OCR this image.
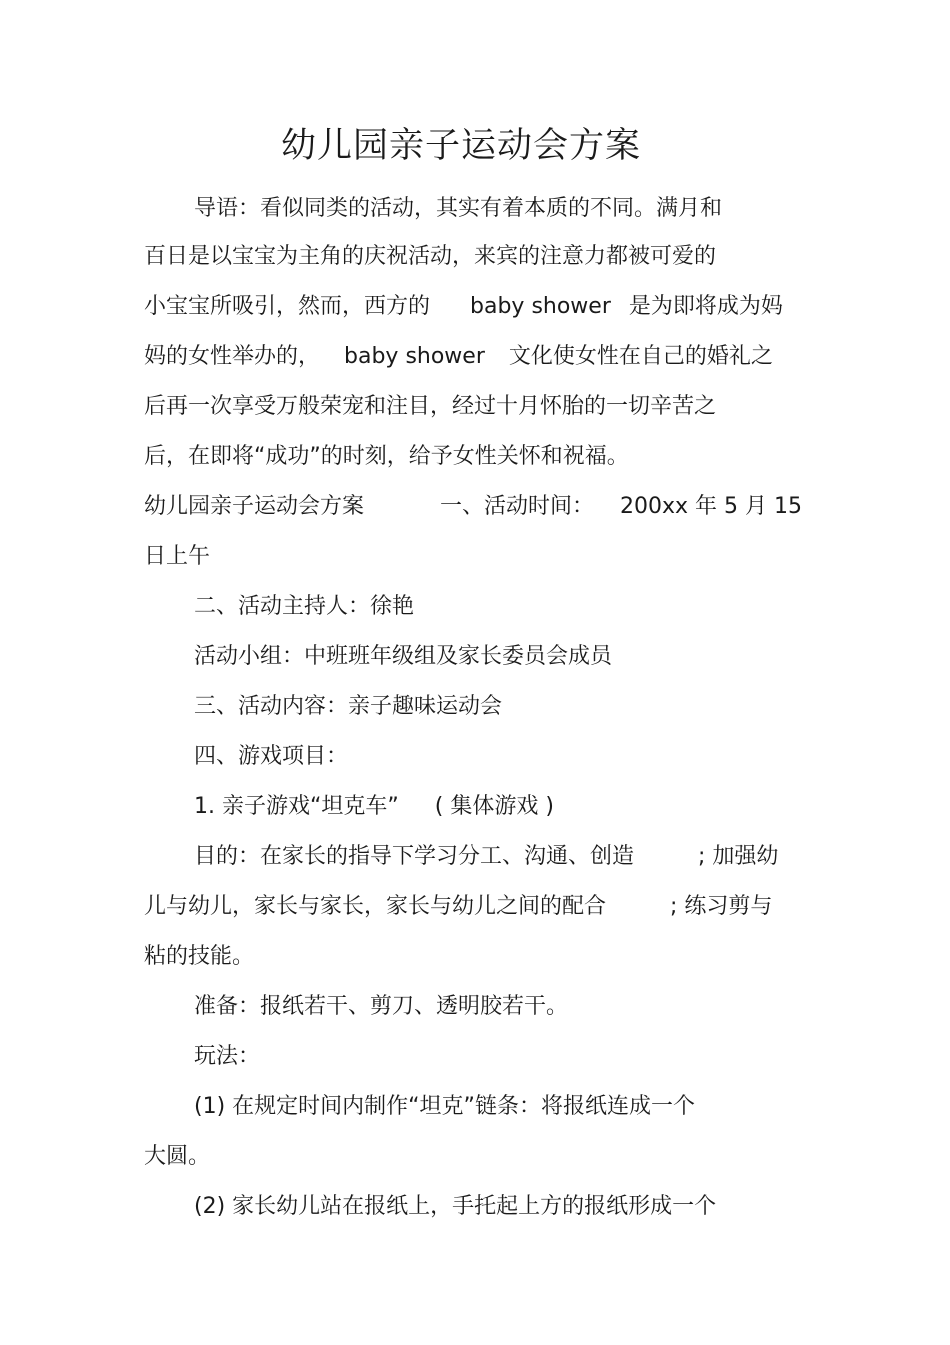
幼儿园亲子运动会方案

导语：看似同类的活动，其实有着本质的不同。满月和

百日是以宝宝为主角的庆祝活动，来宾的注意力都被可爱的

小宝宝所吸引，然而，西方的 baby shower 是为即将成为妈

妈的女性举办的， baby shower 文化使女性在自己的婚礼之

后再一次享受万般荣宠和注目，经过十月怀胎的一切辛苦之

后，在即将“成功”的时刻，给予女性关怀和祝福。

幼儿园亲子运动会方案	一、活动时间： 200xx 年 5 月 15

日上午

二、活动主持人：徐艳

活动小组：中班班年级组及家长委员会成员

三、活动内容：亲子趣味运动会

四、游戏项目：

1. 亲子游戏“坦克车” ( 集体游戏 )

目的：在家长的指导下学习分工、沟通、创造	; 加强幼

儿与幼儿，家长与家长，家长与幼儿之间的配合	; 练习剪与

粘的技能。

准备：报纸若干、剪刀、透明胶若干。

玩法：

(1) 在规定时间内制作“坦克”链条：将报纸连成一个

大圆。

(2) 家长幼儿站在报纸上，手托起上方的报纸形成一个
